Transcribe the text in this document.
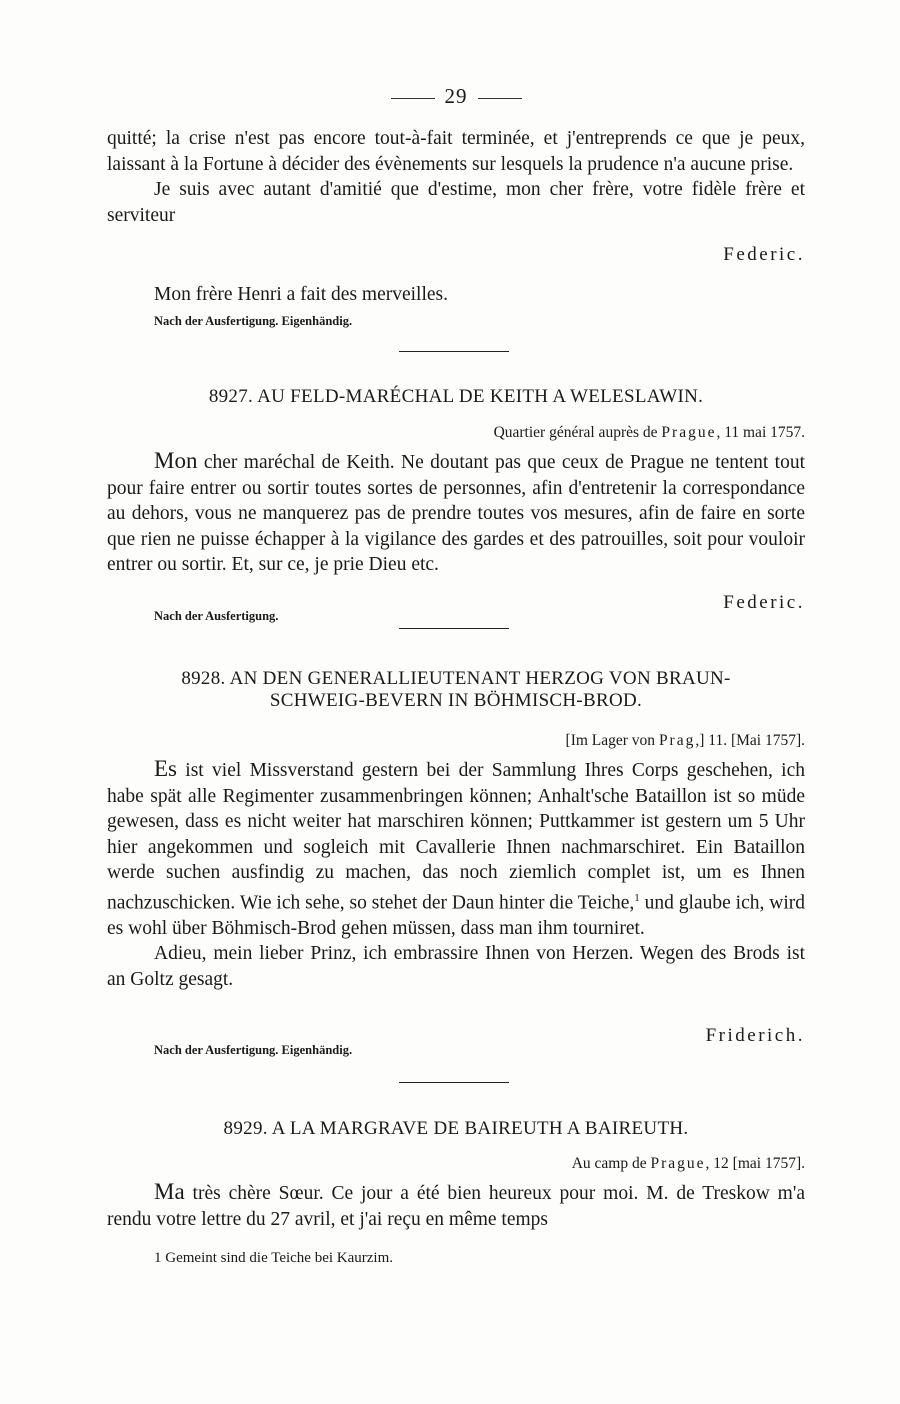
29

quitté; la crise n'est pas encore tout-à-fait terminée, et j'entreprends ce que je peux, laissant à la Fortune à décider des évènements sur lesquels la prudence n'a aucune prise.

Je suis avec autant d'amitié que d'estime, mon cher frère, votre fidèle frère et serviteur

Federic.
Mon frère Henri a fait des merveilles.
Nach der Ausfertigung. Eigenhändig.
8927. AU FELD-MARÉCHAL DE KEITH A WELESLAWIN.
Quartier général auprès de Prague, 11 mai 1757.

Mon cher maréchal de Keith. Ne doutant pas que ceux de Prague ne tentent tout pour faire entrer ou sortir toutes sortes de personnes, afin d'entretenir la correspondance au dehors, vous ne manquerez pas de prendre toutes vos mesures, afin de faire en sorte que rien ne puisse échapper à la vigilance des gardes et des patrouilles, soit pour vouloir entrer ou sortir. Et, sur ce, je prie Dieu etc.

Federic.
Nach der Ausfertigung.
8928. AN DEN GENERALLIEUTENANT HERZOG VON BRAUN-
SCHWEIG-BEVERN IN BÖHMISCH-BROD.
[Im Lager von Prag,] 11. [Mai 1757].

Es ist viel Missverstand gestern bei der Sammlung Ihres Corps geschehen, ich habe spät alle Regimenter zusammenbringen können; Anhalt'sche Bataillon ist so müde gewesen, dass es nicht weiter hat marschiren können; Puttkammer ist gestern um 5 Uhr hier angekommen und sogleich mit Cavallerie Ihnen nachmarschiret. Ein Bataillon werde suchen ausfindig zu machen, das noch ziemlich complet ist, um es Ihnen nachzuschicken. Wie ich sehe, so stehet der Daun hinter die Teiche,$^1$ und glaube ich, wird es wohl über Böhmisch-Brod gehen müssen, dass man ihm tourniret.

Adieu, mein lieber Prinz, ich embrassire Ihnen von Herzen. Wegen des Brods ist an Goltz gesagt.

Friderich.
Nach der Ausfertigung. Eigenhändig.
8929. A LA MARGRAVE DE BAIREUTH A BAIREUTH.
Au camp de Prague, 12 [mai 1757].

Ma très chère Sœur. Ce jour a été bien heureux pour moi. M. de Treskow m'a rendu votre lettre du 27 avril, et j'ai reçu en même temps

1 Gemeint sind die Teiche bei Kaurzim.
